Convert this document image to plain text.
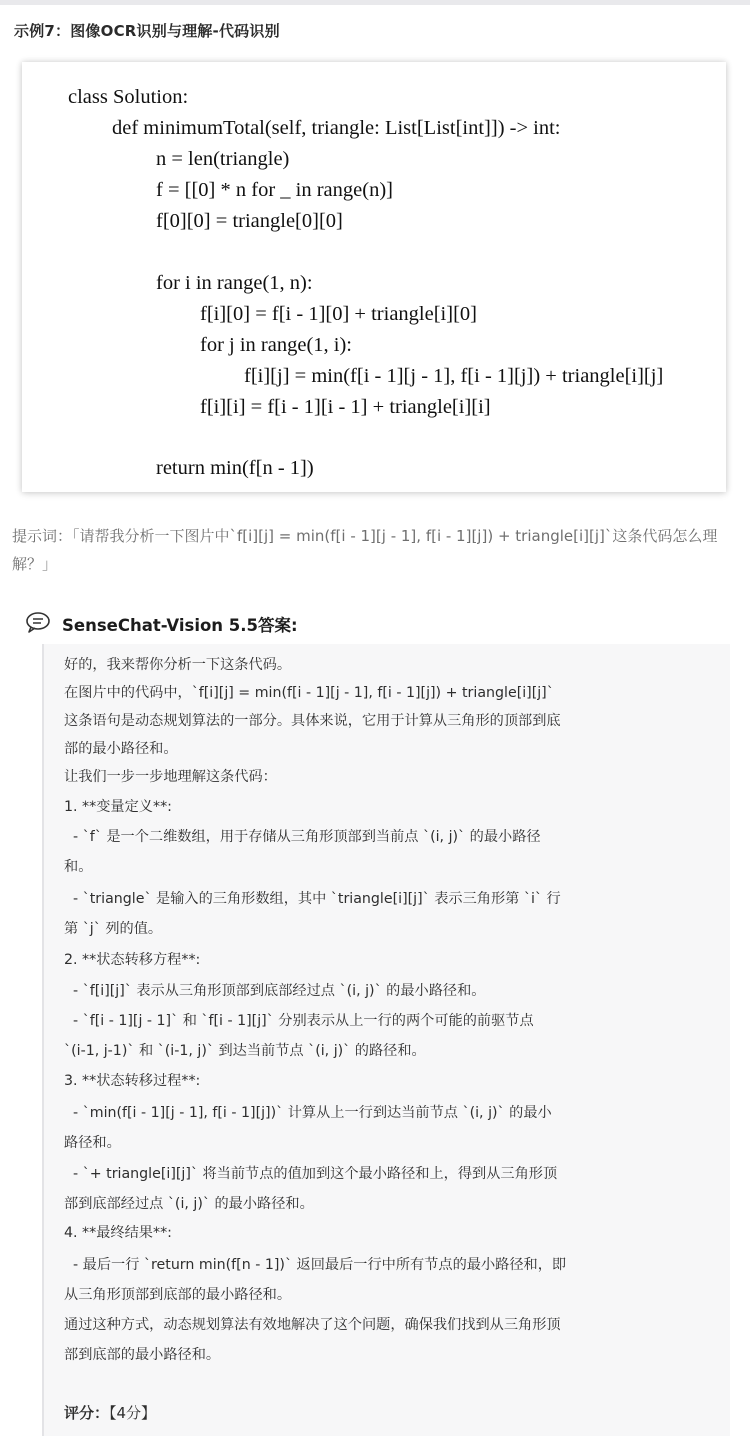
示例7：图像OCR识别与理解-代码识别
class Solution:
def minimumTotal(self, triangle: List[List[int]]) -> int:
n = len(triangle)
f = [[0] * n for _ in range(n)]
f[0][0] = triangle[0][0]
for i in range(1, n):
f[i][0] = f[i - 1][0] + triangle[i][0]
for j in range(1, i):
f[i][j] = min(f[i - 1][j - 1], f[i - 1][j]) + triangle[i][j]
f[i][i] = f[i - 1][i - 1] + triangle[i][i]
return min(f[n - 1])
提示词：「请帮我分析一下图片中`f[i][j] = min(f[i - 1][j - 1], f[i - 1][j]) + triangle[i][j]`这条代码怎么理解？」
SenseChat-Vision 5.5答案:
好的，我来帮你分析一下这条代码。
在图片中的代码中，`f[i][j] = min(f[i - 1][j - 1], f[i - 1][j]) + triangle[i][j]`
这条语句是动态规划算法的一部分。具体来说，它用于计算从三角形的顶部到底
部的最小路径和。
让我们一步一步地理解这条代码：
1. **变量定义**:
- `f` 是一个二维数组，用于存储从三角形顶部到当前点 `(i, j)` 的最小路径
和。
- `triangle` 是输入的三角形数组，其中 `triangle[i][j]` 表示三角形第 `i` 行
第 `j` 列的值。
2. **状态转移方程**:
- `f[i][j]` 表示从三角形顶部到底部经过点 `(i, j)` 的最小路径和。
- `f[i - 1][j - 1]` 和 `f[i - 1][j]` 分别表示从上一行的两个可能的前驱节点
`(i-1, j-1)` 和 `(i-1, j)` 到达当前节点 `(i, j)` 的路径和。
3. **状态转移过程**:
- `min(f[i - 1][j - 1], f[i - 1][j])` 计算从上一行到达当前节点 `(i, j)` 的最小
路径和。
- `+ triangle[i][j]` 将当前节点的值加到这个最小路径和上，得到从三角形顶
部到底部经过点 `(i, j)` 的最小路径和。
4. **最终结果**:
- 最后一行 `return min(f[n - 1])` 返回最后一行中所有节点的最小路径和，即
从三角形顶部到底部的最小路径和。
通过这种方式，动态规划算法有效地解决了这个问题，确保我们找到从三角形顶
部到底部的最小路径和。
评分：【4分】
